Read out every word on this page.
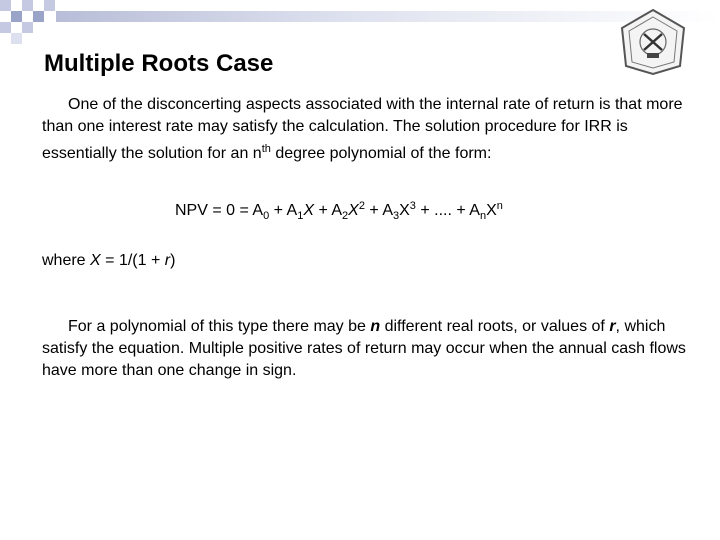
Multiple Roots Case

One of the disconcerting aspects associated with the internal rate of return is that more than one interest rate may satisfy the calculation. The solution procedure for IRR is essentially the solution for an $n^{th}$ degree polynomial of the form:

NPV = $0 = A_0 + A_1X + A_2X^2 + A_3X^3$ + .... + $A_nX^n$
where X = 1/(1 + r)

For a polynomial of this type there may be n different real roots, or values of r, which satisfy the equation. Multiple positive rates of return may occur when the annual cash flows have more than one change in sign.
